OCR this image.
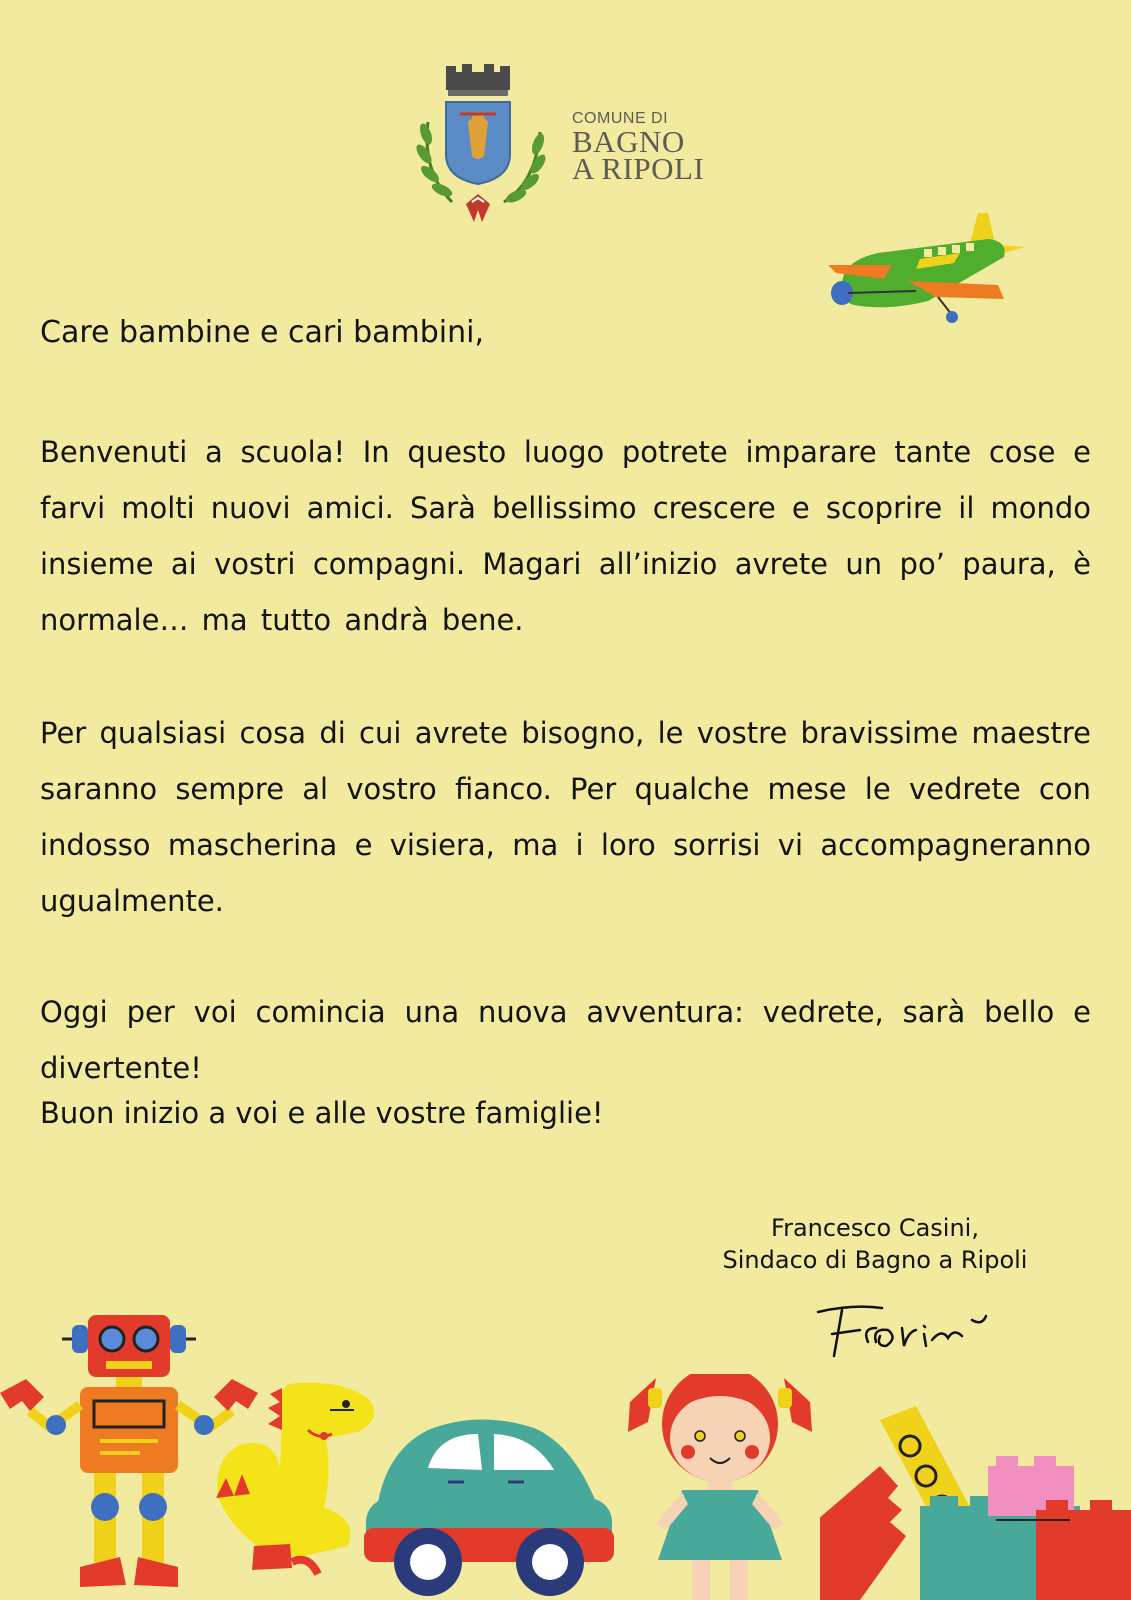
COMUNE DI
BAGNO
A RIPOLI
Care bambine e cari bambini,
Benvenuti a scuola! In questo luogo potrete imparare tante cose e farvi molti nuovi amici. Sarà bellissimo crescere e scoprire il mondo insieme ai vostri compagni. Magari all’inizio avrete un po’ paura, è normale… ma tutto andrà bene.
Per qualsiasi cosa di cui avrete bisogno, le vostre bravissime maestre saranno sempre al vostro fianco. Per qualche mese le vedrete con indosso mascherina e visiera, ma i loro sorrisi vi accompagneranno ugualmente.
Oggi per voi comincia una nuova avventura: vedrete, sarà bello e divertente!
Buon inizio a voi e alle vostre famiglie!
Francesco Casini,
Sindaco di Bagno a Ripoli
